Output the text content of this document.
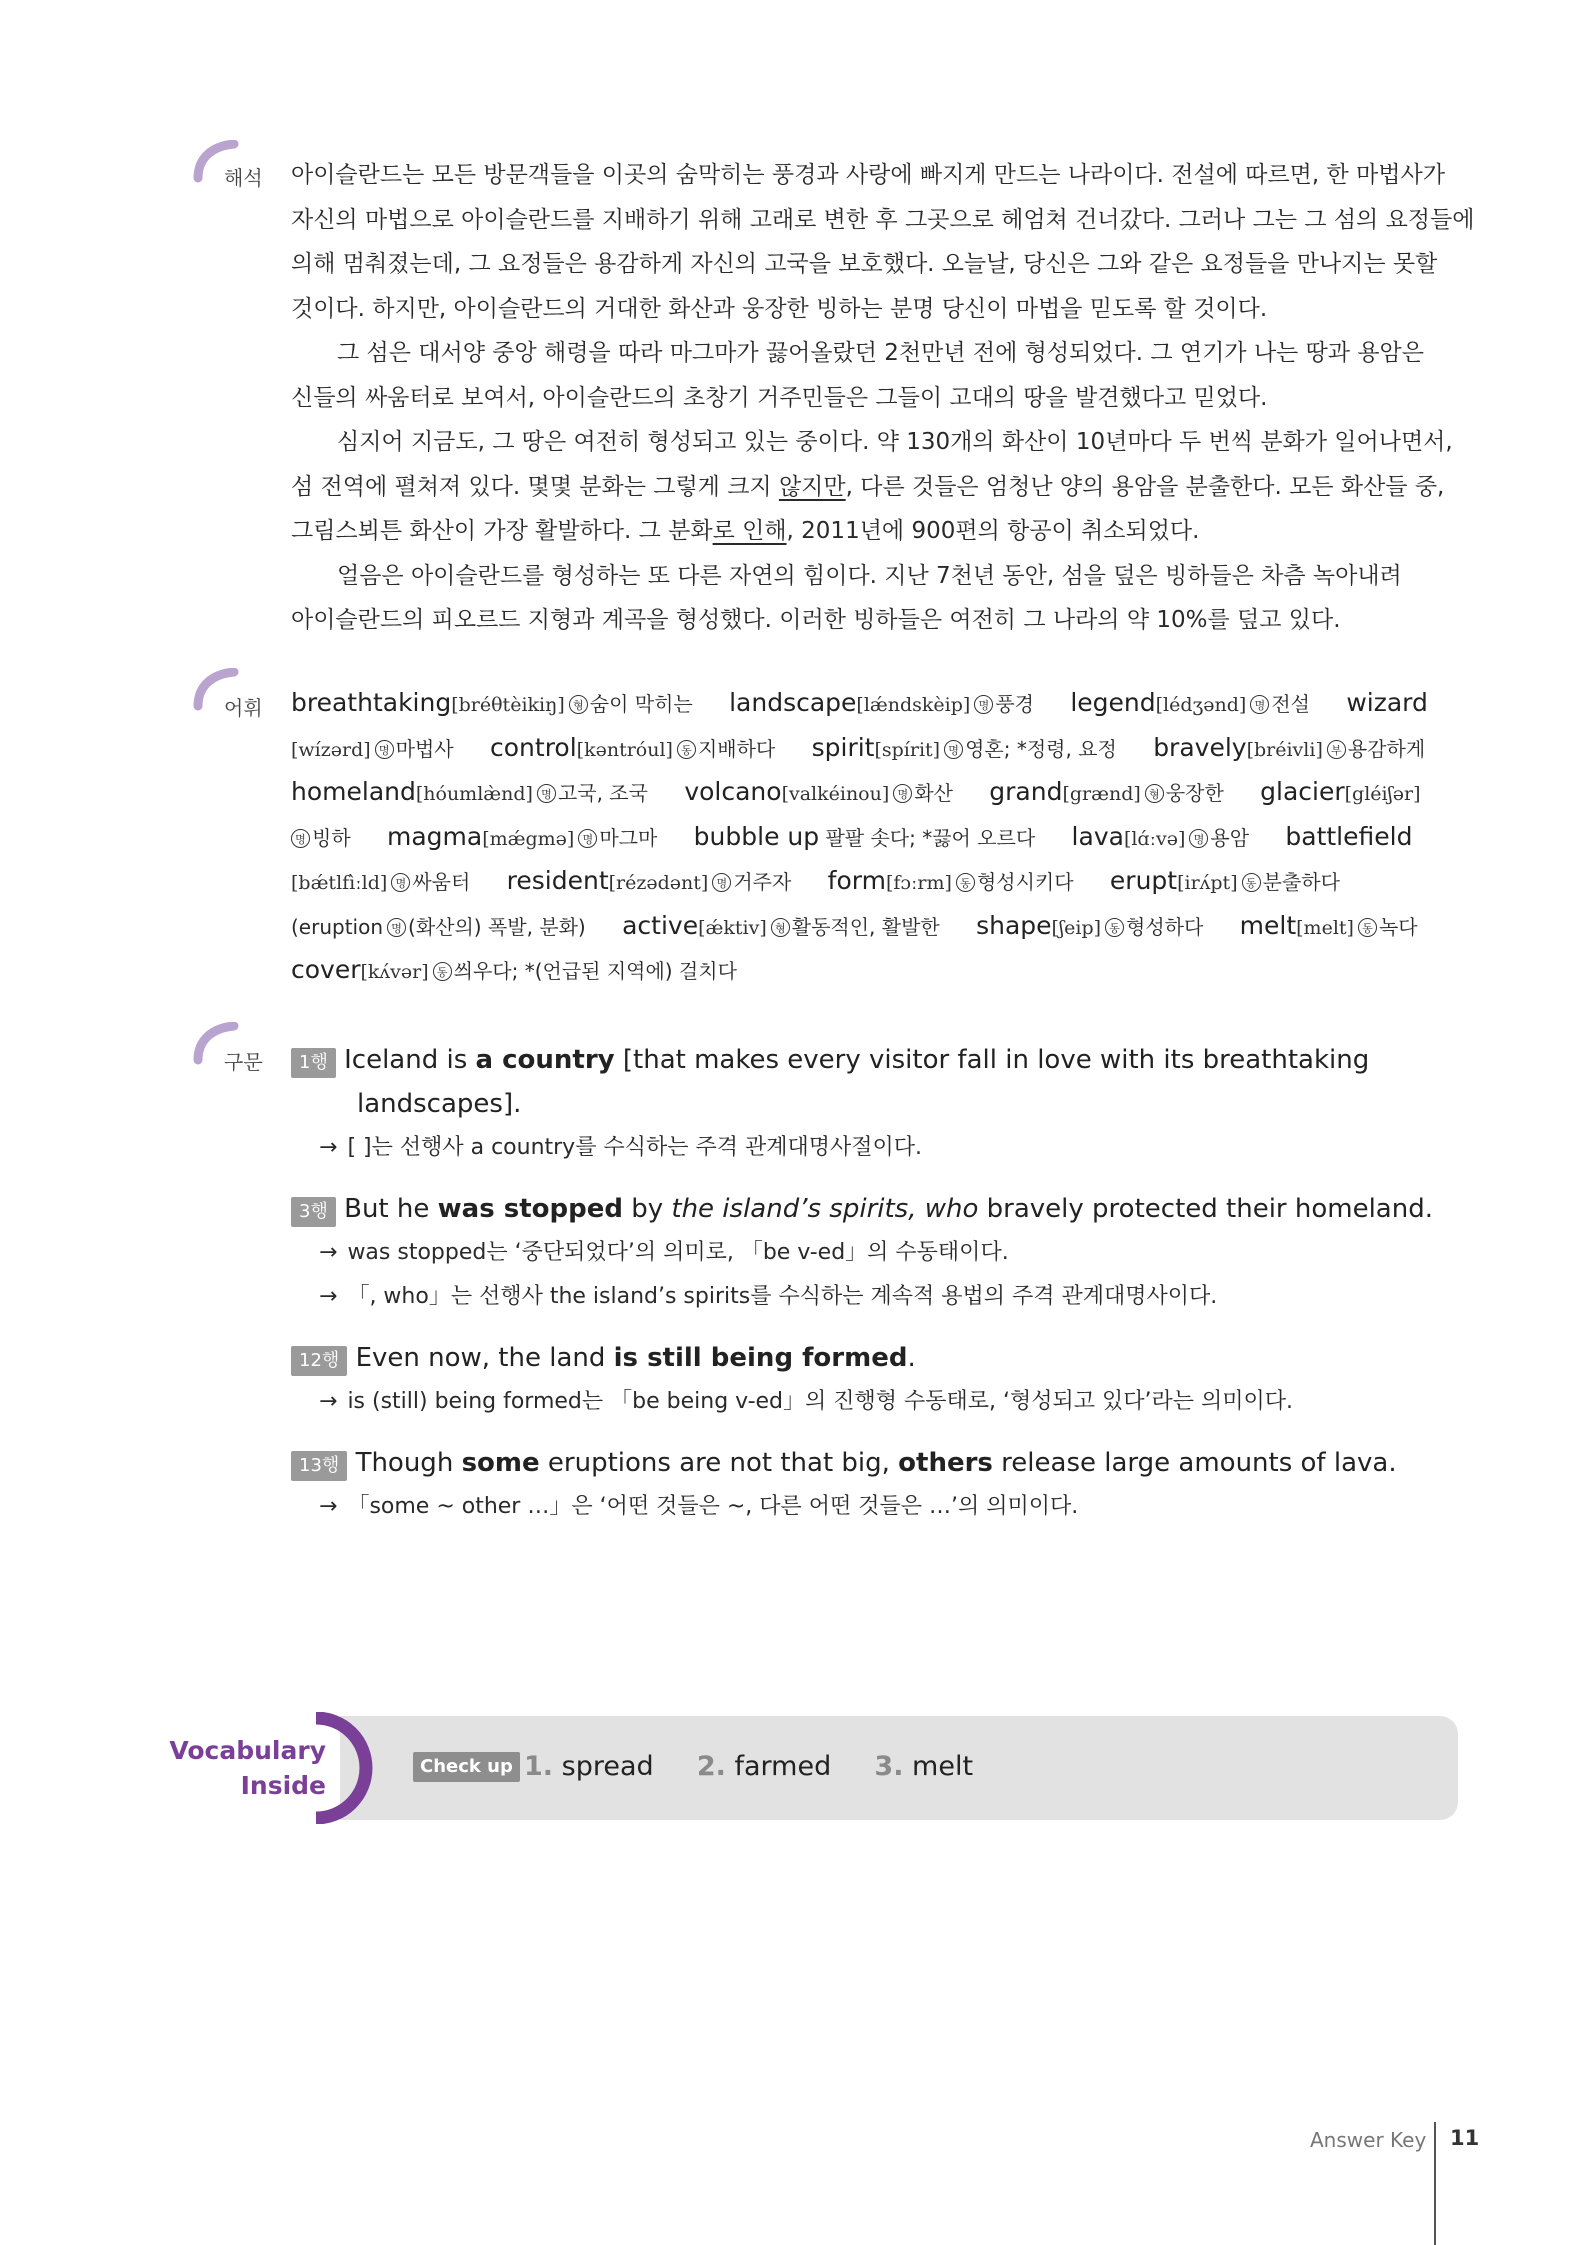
해석 아이슬란드는 모든 방문객들을 이곳의 숨막히는 풍경과 사랑에 빠지게 만드는 나라이다. 전설에 따르면, 한 마법사가
자신의 마법으로 아이슬란드를 지배하기 위해 고래로 변한 후 그곳으로 헤엄쳐 건너갔다. 그러나 그는 그 섬의 요정들에
의해 멈춰졌는데, 그 요정들은 용감하게 자신의 고국을 보호했다. 오늘날, 당신은 그와 같은 요정들을 만나지는 못할
것이다. 하지만, 아이슬란드의 거대한 화산과 웅장한 빙하는 분명 당신이 마법을 믿도록 할 것이다.
그 섬은 대서양 중앙 해령을 따라 마그마가 끓어올랐던 2천만년 전에 형성되었다. 그 연기가 나는 땅과 용암은
신들의 싸움터로 보여서, 아이슬란드의 초창기 거주민들은 그들이 고대의 땅을 발견했다고 믿었다.
심지어 지금도, 그 땅은 여전히 형성되고 있는 중이다. 약 130개의 화산이 10년마다 두 번씩 분화가 일어나면서,
섬 전역에 펼쳐져 있다. 몇몇 분화는 그렇게 크지 않지만, 다른 것들은 엄청난 양의 용암을 분출한다. 모든 화산들 중,
그림스뵈튼 화산이 가장 활발하다. 그 분화로 인해, 2011년에 900편의 항공이 취소되었다.
얼음은 아이슬란드를 형성하는 또 다른 자연의 힘이다. 지난 7천년 동안, 섬을 덮은 빙하들은 차츰 녹아내려
아이슬란드의 피오르드 지형과 계곡을 형성했다. 이러한 빙하들은 여전히 그 나라의 약 10%를 덮고 있다.
어휘 breathtaking[bréθtèikiŋ] 형 숨이 막히는 landscape[lǽndskèip] 명 풍경 legend[lédʒənd] 명 전설 wizard
[wízərd] 명 마법사 control[kəntróul] 동 지배하다 spirit[spírit] 명 영혼; *정령, 요정 bravely[bréivli] 부 용감하게
homeland[hóumlæ̀nd] 명 고국, 조국 volcano[valkéinou] 명 화산 grand[grænd] 형 웅장한 glacier[gléiʃər]
명 빙하 magma[mǽgmə] 명 마그마 bubble up 팔팔 솟다; *끓어 오르다 lava[lɑ́ːvə] 명 용암 battlefield
[bǽtlfìːld] 명 싸움터 resident[rézədənt] 명 거주자 form[fɔːrm] 동 형성시키다 erupt[irʌ́pt] 동 분출하다
(eruption 명 (화산의) 폭발, 분화) active[ǽktiv] 형 활동적인, 활발한 shape[ʃeip] 동 형성하다 melt[melt] 동 녹다
cover[kʌ́vər] 동 씌우다; *(언급된 지역에) 걸치다
구문	1행 Iceland is a country [that makes every visitor fall in love with its breathtaking
landscapes].
→ [ ]는 선행사 a country를 수식하는 주격 관계대명사절이다.
3행 But he was stopped by the island’s spirits, who bravely protected their homeland.
→ was stopped는 ‘중단되었다’의 의미로, 「be v-ed」의 수동태이다.
→ 「, who」는 선행사 the island’s spirits를 수식하는 계속적 용법의 주격 관계대명사이다.
12행 Even now, the land is still being formed.
→ is (still) being formed는 「be being v-ed」의 진행형 수동태로, ‘형성되고 있다’라는 의미이다.
13행 Though some eruptions are not that big, others release large amounts of lava.
→ 「some ~ other …」은 ‘어떤 것들은 ~, 다른 어떤 것들은 …’의 의미이다.
Vocabulary
Inside
Check up 1. spread 2. farmed 3. melt
Answer Key 11
